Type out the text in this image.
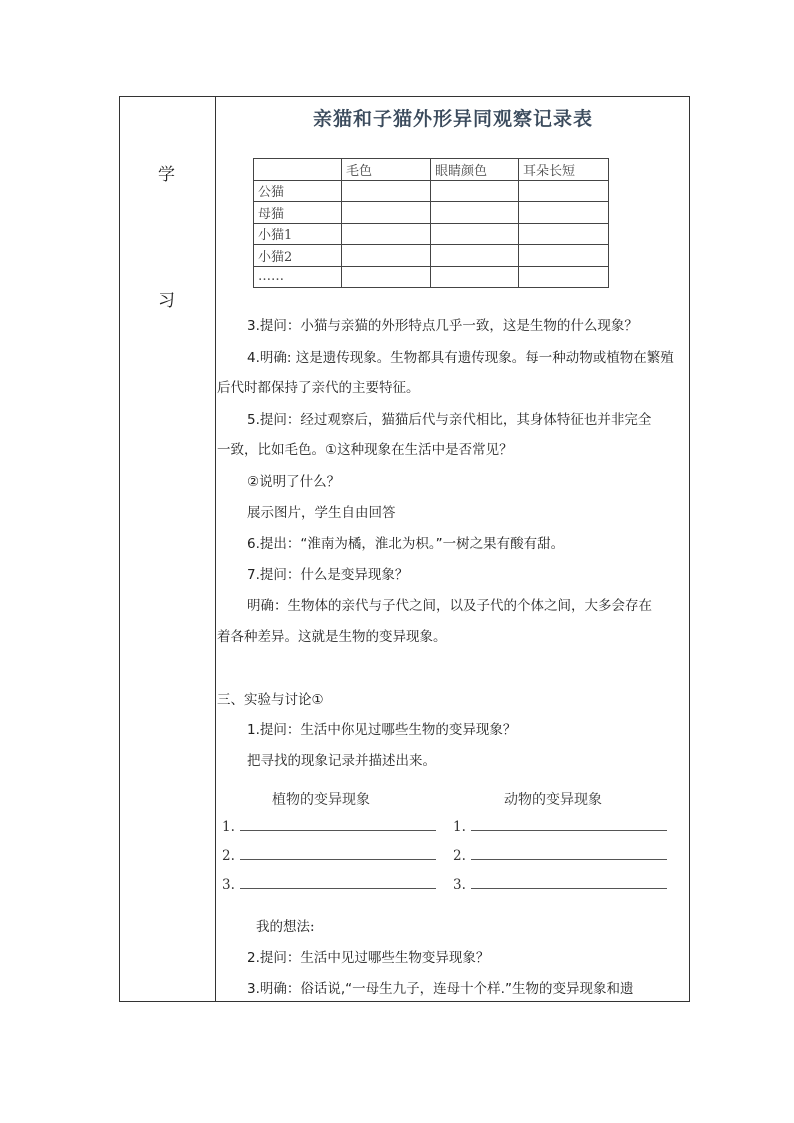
学
习
亲猫和子猫外形异同观察记录表
	毛色	眼睛颜色	耳朵长短
公猫			
母猫			
小猫1			
小猫2			
……			
3.提问：小猫与亲猫的外形特点几乎一致，这是生物的什么现象？
4.明确: 这是遗传现象。生物都具有遗传现象。每一种动物或植物在繁殖
后代时都保持了亲代的主要特征。
5.提问：经过观察后，猫猫后代与亲代相比，其身体特征也并非完全
一致，比如毛色。①这种现象在生活中是否常见？
②说明了什么？
展示图片，学生自由回答
6.提出：“淮南为橘，淮北为枳。”一树之果有酸有甜。
7.提问：什么是变异现象？
明确：生物体的亲代与子代之间，以及子代的个体之间，大多会存在
着各种差异。这就是生物的变异现象。
三、实验与讨论①
1.提问：生活中你见过哪些生物的变异现象？
把寻找的现象记录并描述出来。
植物的变异现象	动物的变异现象
1.
2.
3.
1.
2.
3.
我的想法:
2.提问：生活中见过哪些生物变异现象？
3.明确：俗话说,“一母生九子，连母十个样.”生物的变异现象和遗
